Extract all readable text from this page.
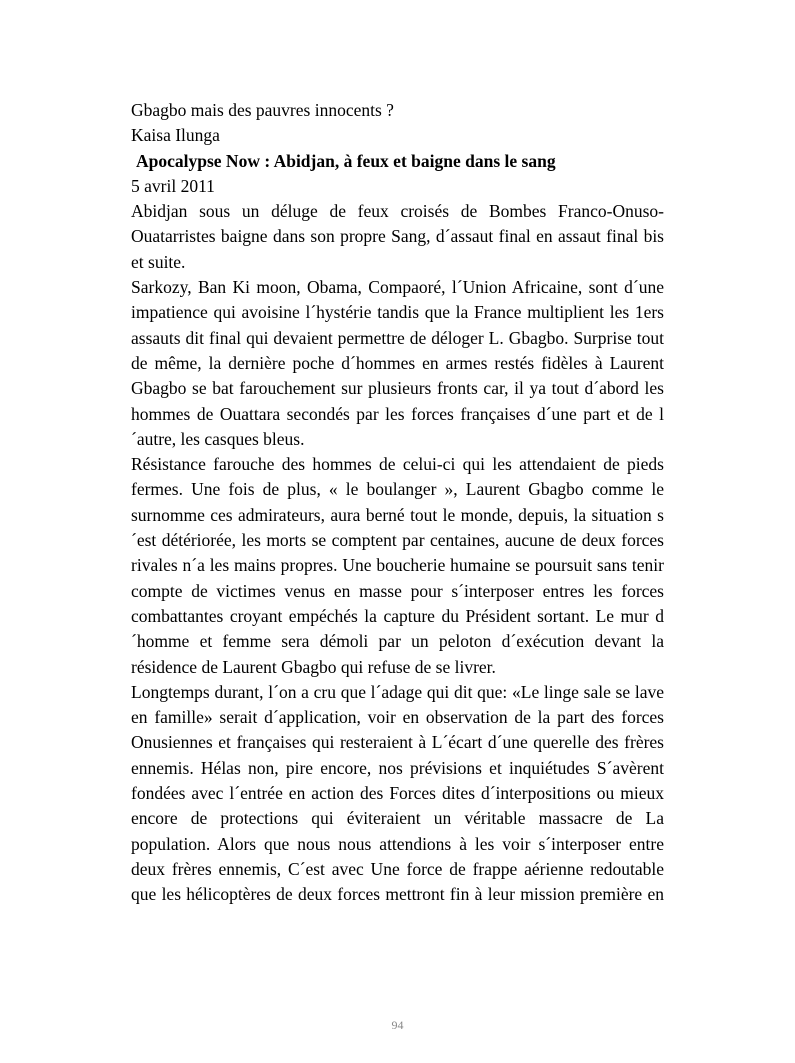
Gbagbo mais des pauvres innocents ?

Kaisa Ilunga

Apocalypse Now : Abidjan, à feux et baigne dans le sang

5 avril 2011

Abidjan sous un déluge de feux croisés de Bombes Franco-Onuso-Ouatarristes baigne dans son propre Sang, d´assaut final en assaut final bis et suite.

Sarkozy, Ban Ki moon, Obama, Compaoré, l´Union Africaine, sont d´une impatience qui avoisine l´hystérie tandis que la France multiplient les 1ers assauts dit final qui devaient permettre de déloger L. Gbagbo. Surprise tout de même, la dernière poche d´hommes en armes restés fidèles à Laurent Gbagbo se bat farouchement sur plusieurs fronts car, il ya tout d´abord les hommes de Ouattara secondés par les forces françaises d´une part et de l´autre, les casques bleus.

Résistance farouche des hommes de celui-ci qui les attendaient de pieds fermes. Une fois de plus, « le boulanger », Laurent Gbagbo comme le surnomme ces admirateurs, aura berné tout le monde, depuis, la situation s´est détériorée, les morts se comptent par centaines, aucune de deux forces rivales n´a les mains propres. Une boucherie humaine se poursuit sans tenir compte de victimes venus en masse pour s´interposer entres les forces combattantes croyant empéchés la capture du Président sortant. Le mur d´homme et femme sera démoli par un peloton d´exécution devant la résidence de Laurent Gbagbo qui refuse de se livrer.

Longtemps durant, l´on a cru que l´adage qui dit que: «Le linge sale se lave en famille» serait d´application, voir en observation de la part des forces Onusiennes et françaises qui resteraient à L´écart d´une querelle des frères ennemis. Hélas non, pire encore, nos prévisions et inquiétudes S´avèrent fondées avec l´entrée en action des Forces dites d´interpositions ou mieux encore de protections qui éviteraient un véritable massacre de La population. Alors que nous nous attendions à les voir s´interposer entre deux frères ennemis, C´est avec Une force de frappe aérienne redoutable que les hélicoptères de deux forces mettront fin à leur mission première en

94
